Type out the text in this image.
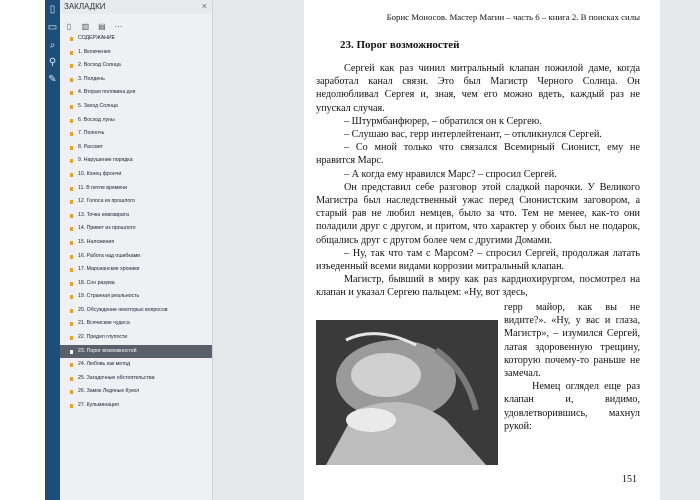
▯
▭
⌕
⚲
✎
ЗАКЛАДКИ	×
▯ ▥ ▤ ⋯
СОДЕРЖАНИЕ
1. Включения
2. Восход Солнца
3. Полдень
4. Вторая половина дня
5. Заход Солнца
6. Восход луны
7. Полночь
8. Рассвет
9. Нарушение порядка
10. Конец фрончи
11. В петле времени
12. Голоса из прошлого
13. Точка невозврата
14. Привет из прошлого
15. Наложения
16. Работа над ошибками
17. Марсианские хроники
18. Сон разума
19. Странная реальность
20. Обсуждение некоторых вопросов
21. Всячиские чудеса
22. Предел глупости
23. Порог возможностей
24. Любовь как метод
25. Загадочные обстоятельства
26. Замок Ледяных Кукол
27. Кульминация
Борис Моносов. Мастер Магии – часть 6 – книга 2. В поисках силы
23. Порог возможностей

Сергей как раз чинил митральный клапан пожилой даме, когда заработал канал связи. Это был Магистр Черного Солнца. Он недолюбливал Сергея и, зная, чем его можно вдеть, каждый раз не упускал случая.

– Штурмбанфюрер, – обратился он к Сергею.

– Слушаю вас, герр интерлейтенант, – откликнулся Сергей.

– Со мной только что связался Всемирный Сионист, ему не нравится Марс.

– А когда ему нравился Марс? – спросил Сергей.

Он представил себе разговор этой сладкой парочки. У Великого Магистра был наследственный ужас перед Сионистским заговором, а старый рав не любил немцев, было за что. Тем не менее, как-то они поладили друг с другом, и притом, что характер у обоих был не подарок, общались друг с другом более чем с другими Домами.

– Ну, так что там с Марсом? – спросил Сергей, продолжая латать изъеденный всеми видами коррозии митральный клапан.

Магистр, бывший в миру как раз кардиохирургом, посмотрел на клапан и указал Сергею пальцем: «Ну, вот здесь,

герр майор, как вы не видите?». «Ну, у вас и глаза, Магистр», – изумился Сергей, латая здоровенную трещину, которую почему-то раньше не замечал.

Немец оглядел еще раз клапан и, видимо, удовлетворившись, махнул рукой:

151
